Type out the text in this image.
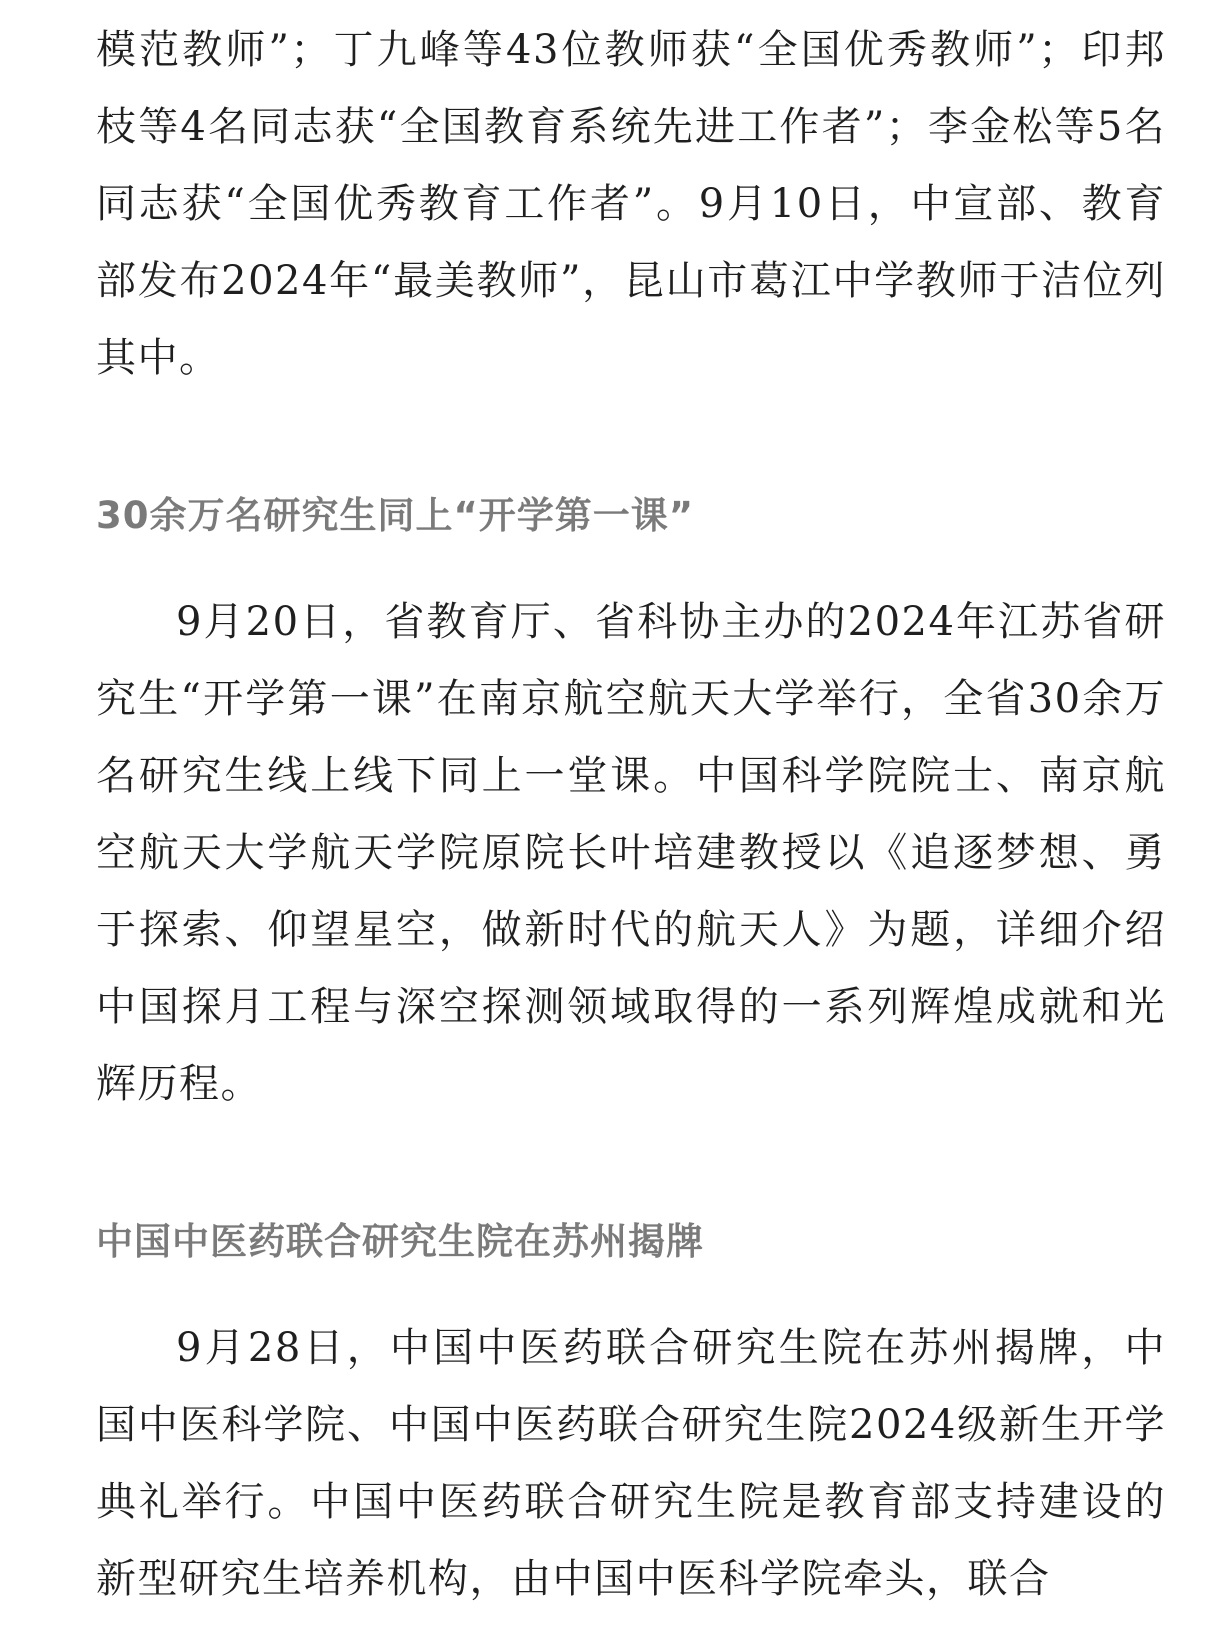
模范教师”；丁九峰等43位教师获“全国优秀教师”；印邦枝等4名同志获“全国教育系统先进工作者”；李金松等5名同志获“全国优秀教育工作者”。9月10日，中宣部、教育部发布2024年“最美教师”，昆山市葛江中学教师于洁位列其中。

30余万名研究生同上“开学第一课”

9月20日，省教育厅、省科协主办的2024年江苏省研究生“开学第一课”在南京航空航天大学举行，全省30余万名研究生线上线下同上一堂课。中国科学院院士、南京航空航天大学航天学院原院长叶培建教授以《追逐梦想、勇于探索、仰望星空，做新时代的航天人》为题，详细介绍中国探月工程与深空探测领域取得的一系列辉煌成就和光辉历程。

中国中医药联合研究生院在苏州揭牌

9月28日，中国中医药联合研究生院在苏州揭牌，中国中医科学院、中国中医药联合研究生院2024级新生开学典礼举行。中国中医药联合研究生院是教育部支持建设的新型研究生培养机构，由中国中医科学院牵头，联合
